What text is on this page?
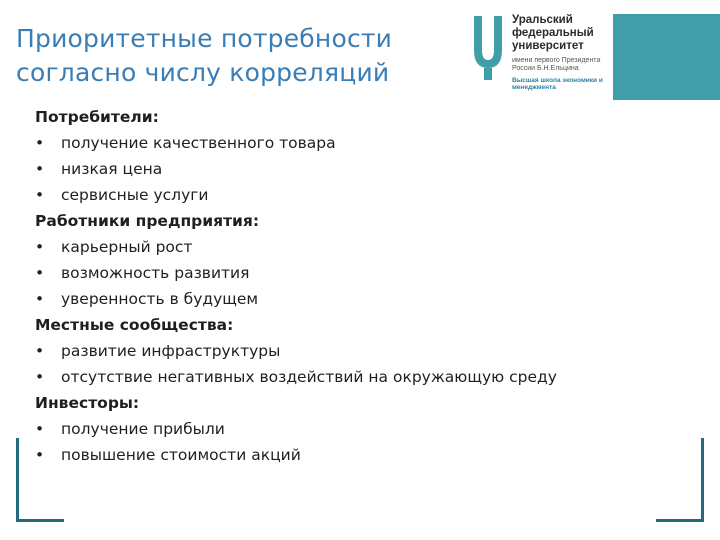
Приоритетные потребности согласно числу корреляций
Уральский федеральный университет
имени первого Президента России Б.Н.Ельцина
Высшая школа экономики и менеджмента
Потребители:
• получение качественного товара
• низкая цена
• сервисные услуги
Работники предприятия:
• карьерный рост
• возможность развития
• уверенность в будущем
Местные сообщества:
• развитие инфраструктуры
• отсутствие негативных воздействий на окружающую среду
Инвесторы:
• получение прибыли
• повышение стоимости акций
